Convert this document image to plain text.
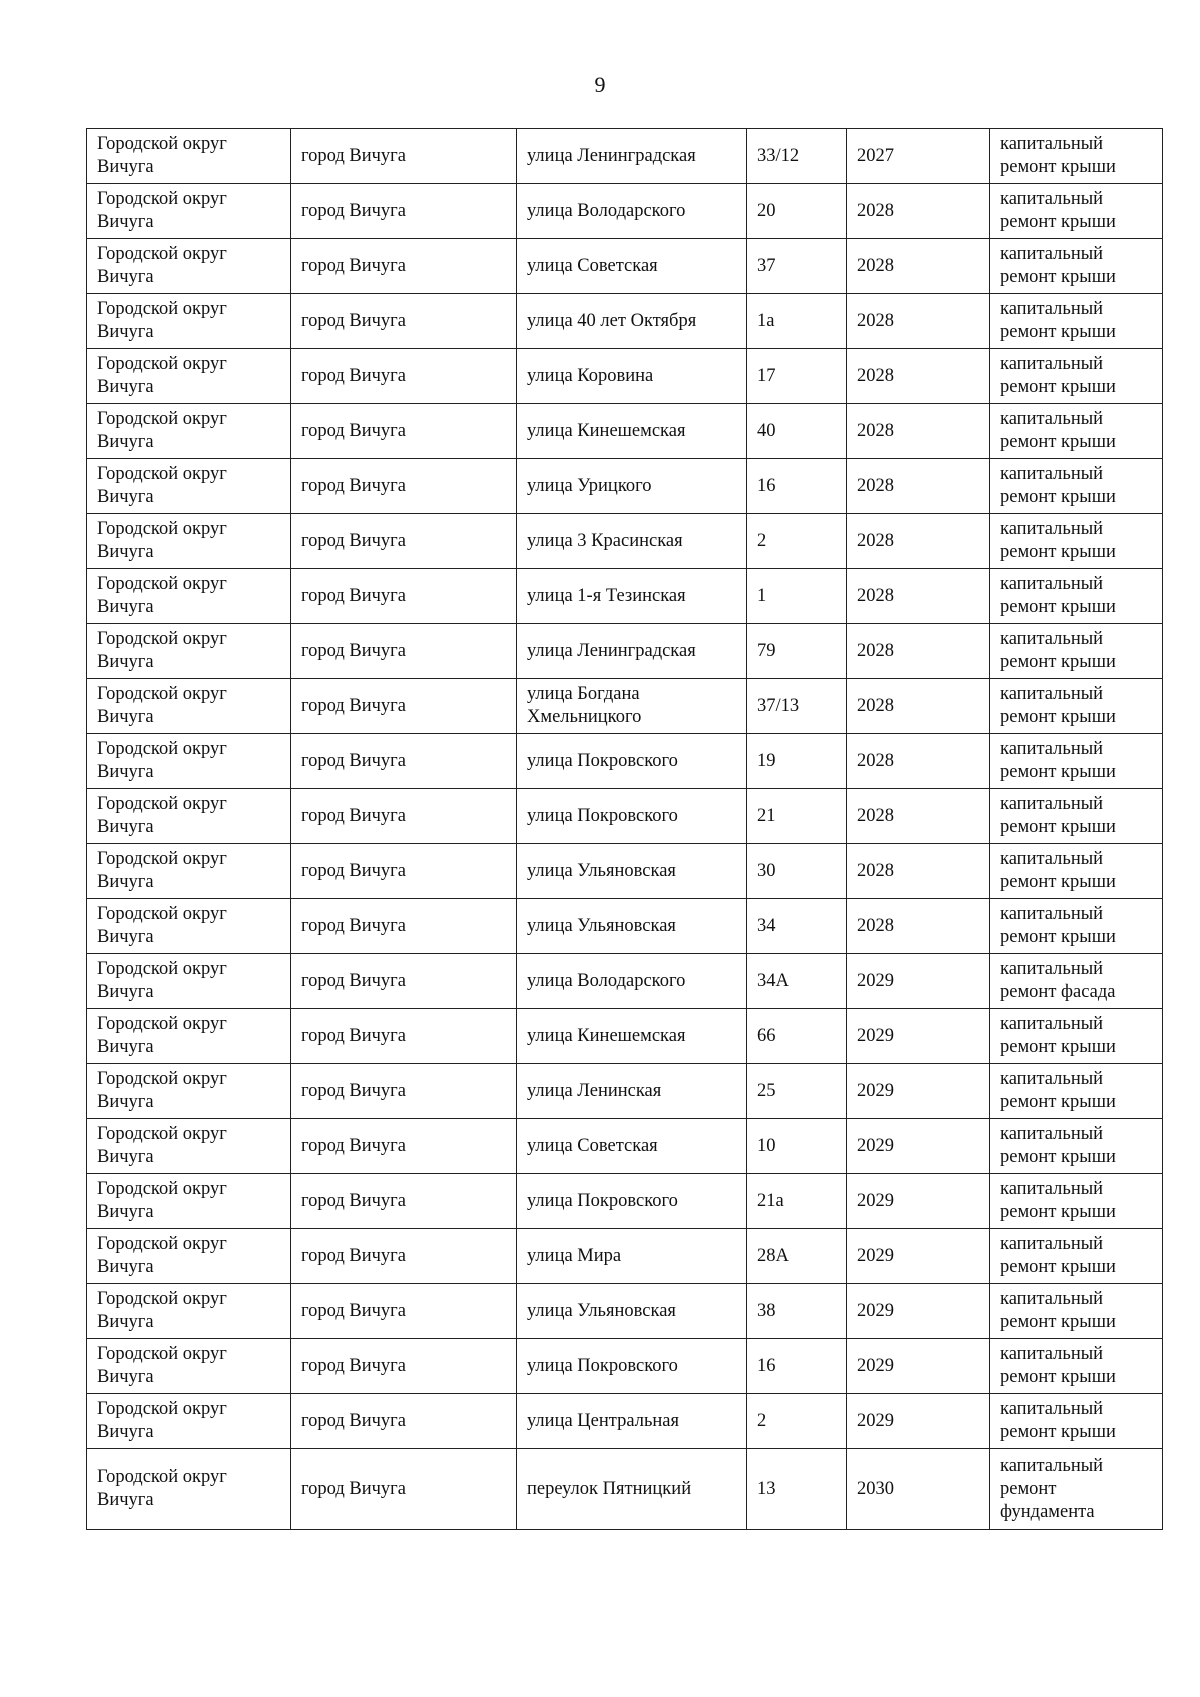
9
Городской округ Вичуга	город Вичуга	улица Ленинградская	33/12	2027	капитальный ремонт крыши
Городской округ Вичуга	город Вичуга	улица Володарского	20	2028	капитальный ремонт крыши
Городской округ Вичуга	город Вичуга	улица Советская	37	2028	капитальный ремонт крыши
Городской округ Вичуга	город Вичуга	улица 40 лет Октября	1а	2028	капитальный ремонт крыши
Городской округ Вичуга	город Вичуга	улица Коровина	17	2028	капитальный ремонт крыши
Городской округ Вичуга	город Вичуга	улица Кинешемская	40	2028	капитальный ремонт крыши
Городской округ Вичуга	город Вичуга	улица Урицкого	16	2028	капитальный ремонт крыши
Городской округ Вичуга	город Вичуга	улица 3 Красинская	2	2028	капитальный ремонт крыши
Городской округ Вичуга	город Вичуга	улица 1-я Тезинская	1	2028	капитальный ремонт крыши
Городской округ Вичуга	город Вичуга	улица Ленинградская	79	2028	капитальный ремонт крыши
Городской округ Вичуга	город Вичуга	улица Богдана Хмельницкого	37/13	2028	капитальный ремонт крыши
Городской округ Вичуга	город Вичуга	улица Покровского	19	2028	капитальный ремонт крыши
Городской округ Вичуга	город Вичуга	улица Покровского	21	2028	капитальный ремонт крыши
Городской округ Вичуга	город Вичуга	улица Ульяновская	30	2028	капитальный ремонт крыши
Городской округ Вичуга	город Вичуга	улица Ульяновская	34	2028	капитальный ремонт крыши
Городской округ Вичуга	город Вичуга	улица Володарского	34А	2029	капитальный ремонт фасада
Городской округ Вичуга	город Вичуга	улица Кинешемская	66	2029	капитальный ремонт крыши
Городской округ Вичуга	город Вичуга	улица Ленинская	25	2029	капитальный ремонт крыши
Городской округ Вичуга	город Вичуга	улица Советская	10	2029	капитальный ремонт крыши
Городской округ Вичуга	город Вичуга	улица Покровского	21а	2029	капитальный ремонт крыши
Городской округ Вичуга	город Вичуга	улица Мира	28А	2029	капитальный ремонт крыши
Городской округ Вичуга	город Вичуга	улица Ульяновская	38	2029	капитальный ремонт крыши
Городской округ Вичуга	город Вичуга	улица Покровского	16	2029	капитальный ремонт крыши
Городской округ Вичуга	город Вичуга	улица Центральная	2	2029	капитальный ремонт крыши
Городской округ Вичуга	город Вичуга	переулок Пятницкий	13	2030	капитальный ремонт фундамента
